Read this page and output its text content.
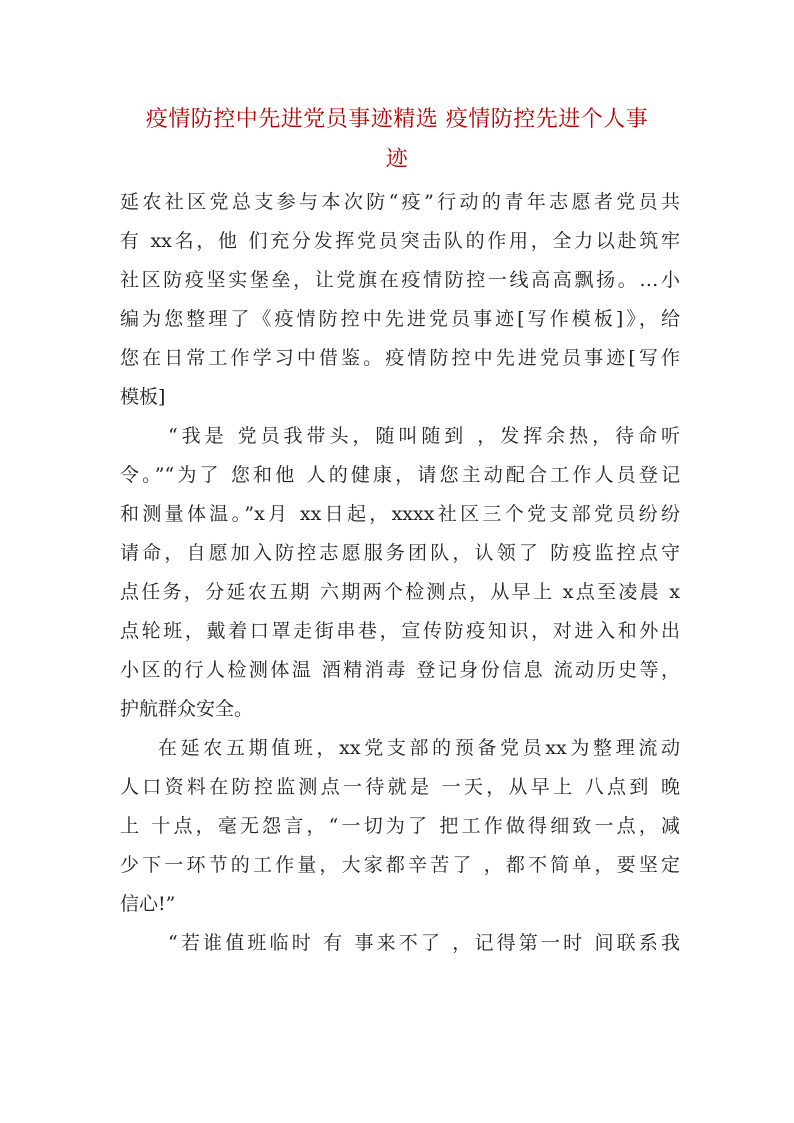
疫情防控中先进党员事迹精选 疫情防控先进个人事
迹
延农社区党总支参与本次防“疫”行动的青年志愿者党员共
有 xx名，他 们充分发挥党员突击队的作用，全力以赴筑牢
社区防疫坚实堡垒，让党旗在疫情防控一线高高飘扬。…小
编为您整理了《疫情防控中先进党员事迹[写作模板]》，给
您在日常工作学习中借鉴。疫情防控中先进党员事迹[写作
模板]
“我是 党员我带头，随叫随到 ，发挥余热，待命听
令。”“为了 您和他 人的健康，请您主动配合工作人员登记
和测量体温。”x月 xx日起，xxxx社区三个党支部党员纷纷
请命，自愿加入防控志愿服务团队，认领了 防疫监控点守
点任务，分延农五期 六期两个检测点，从早上 x点至凌晨 x
点轮班，戴着口罩走街串巷，宣传防疫知识，对进入和外出
小区的行人检测体温 酒精消毒 登记身份信息 流动历史等，
护航群众安全。
在延农五期值班，xx党支部的预备党员xx为整理流动
人口资料在防控监测点一待就是 一天，从早上 八点到 晚
上 十点，毫无怨言，“一切为了 把工作做得细致一点，减
少下一环节的工作量，大家都辛苦了 ，都不简单，要坚定
信心!”
“若谁值班临时 有 事来不了 ，记得第一时 间联系我
